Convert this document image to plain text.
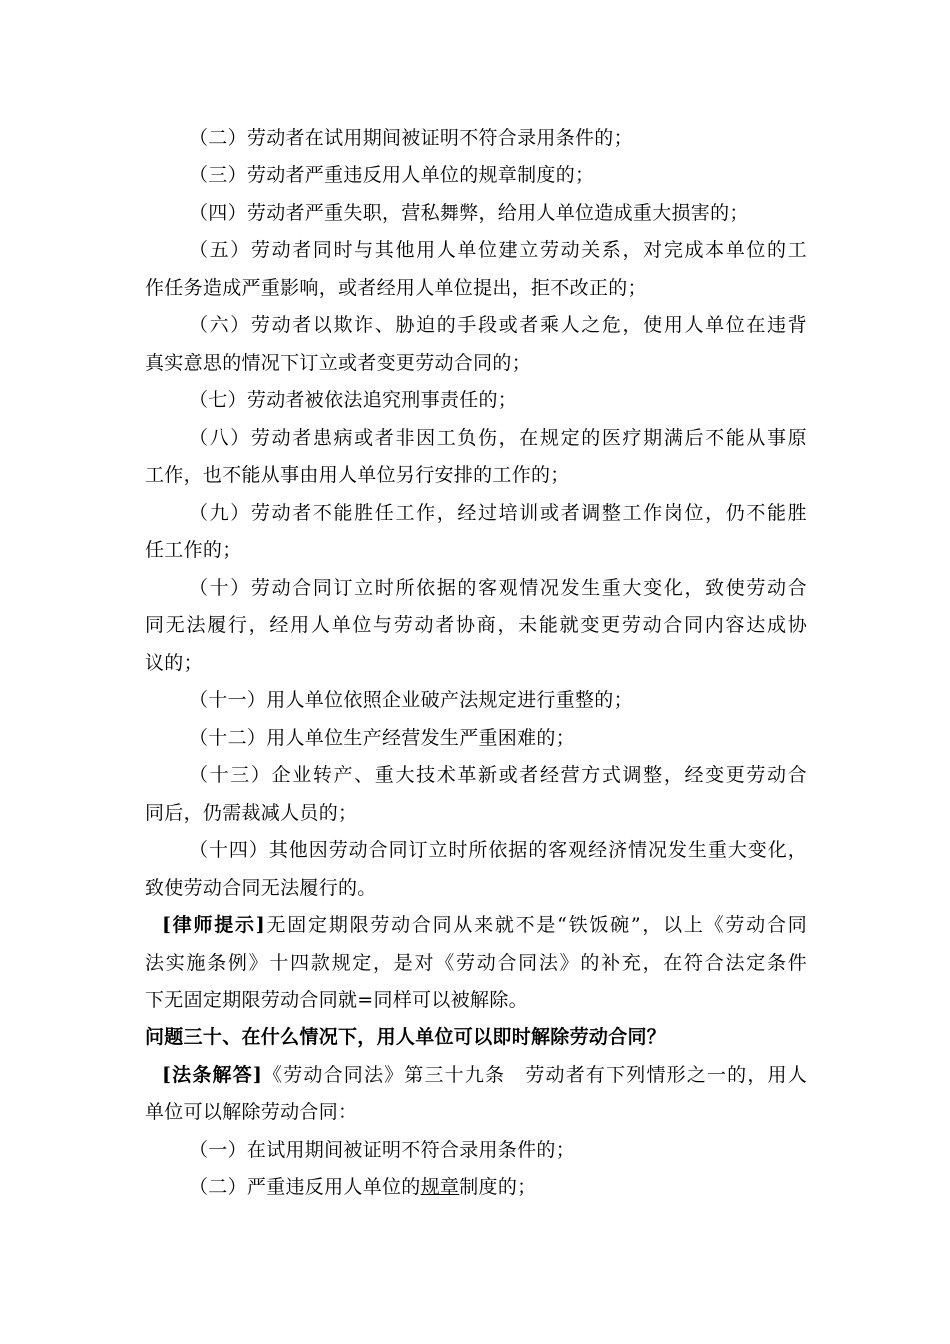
（二）劳动者在试用期间被证明不符合录用条件的；
（三）劳动者严重违反用人单位的规章制度的；
（四）劳动者严重失职，营私舞弊，给用人单位造成重大损害的；
（五）劳动者同时与其他用人单位建立劳动关系，对完成本单位的工
作任务造成严重影响，或者经用人单位提出，拒不改正的；
（六）劳动者以欺诈、胁迫的手段或者乘人之危，使用人单位在违背
真实意思的情况下订立或者变更劳动合同的；
（七）劳动者被依法追究刑事责任的；
（八）劳动者患病或者非因工负伤，在规定的医疗期满后不能从事原
工作，也不能从事由用人单位另行安排的工作的；
（九）劳动者不能胜任工作，经过培训或者调整工作岗位，仍不能胜
任工作的；
（十）劳动合同订立时所依据的客观情况发生重大变化，致使劳动合
同无法履行，经用人单位与劳动者协商，未能就变更劳动合同内容达成协
议的；
（十一）用人单位依照企业破产法规定进行重整的；
（十二）用人单位生产经营发生严重困难的；
（十三）企业转产、重大技术革新或者经营方式调整，经变更劳动合
同后，仍需裁减人员的；
（十四）其他因劳动合同订立时所依据的客观经济情况发生重大变化，
致使劳动合同无法履行的。
[律师提示]无固定期限劳动合同从来就不是“铁饭碗”，以上《劳动合同
法实施条例》十四款规定，是对《劳动合同法》的补充，在符合法定条件
下无固定期限劳动合同就=同样可以被解除。
问题三十、在什么情况下，用人单位可以即时解除劳动合同？
[法条解答]《劳动合同法》第三十九条　劳动者有下列情形之一的，用人
单位可以解除劳动合同：
（一）在试用期间被证明不符合录用条件的；
（二）严重违反用人单位的规章制度的；
